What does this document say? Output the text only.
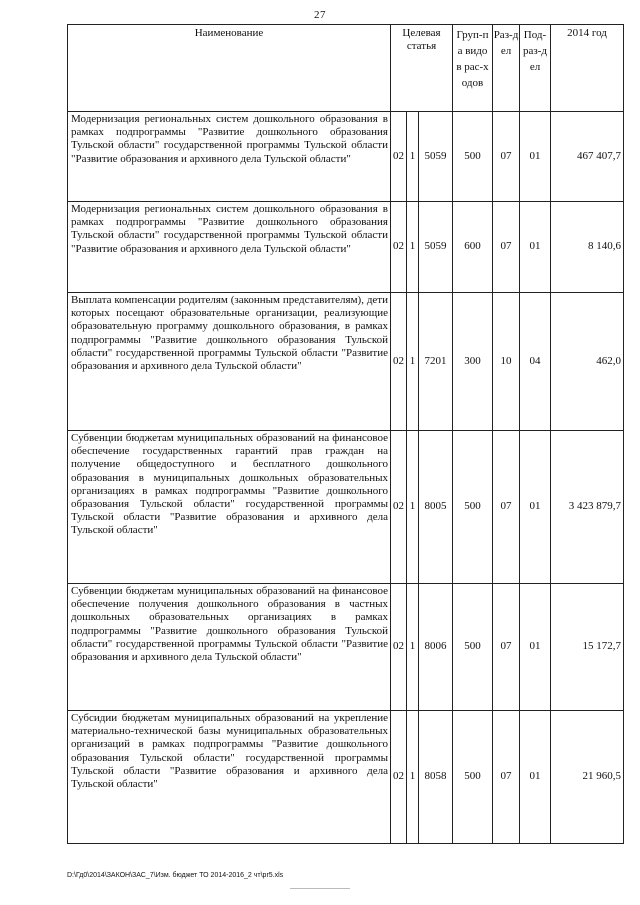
27
Наименование	Целевая статья			Груп-па видов рас-ходов	Раз-дел	Под-раз-дел	2014 год
Модернизация региональных систем дошкольного образования в рамках подпрограммы "Развитие дошкольного образования Тульской области" государственной программы Тульской области "Развитие образования и архивного дела Тульской области"	02	1	5059	500	07	01	467 407,7
Модернизация региональных систем дошкольного образования в рамках подпрограммы "Развитие дошкольного образования Тульской области" государственной программы Тульской области "Развитие образования и архивного дела Тульской области"	02	1	5059	600	07	01	8 140,6
Выплата компенсации родителям (законным представителям), дети которых посещают образовательные организации, реализующие образовательную программу дошкольного образования, в рамках подпрограммы "Развитие дошкольного образования Тульской области" государственной программы Тульской области "Развитие образования и архивного дела Тульской области"	02	1	7201	300	10	04	462,0
Субвенции бюджетам муниципальных образований на финансовое обеспечение государственных гарантий прав граждан на получение общедоступного и бесплатного дошкольного образования в муниципальных дошкольных образовательных организациях в рамках подпрограммы "Развитие дошкольного образования Тульской области" государственной программы Тульской области "Развитие образования и архивного дела Тульской области"	02	1	8005	500	07	01	3 423 879,7
Субвенции бюджетам муниципальных образований на финансовое обеспечение получения дошкольного образования в частных дошкольных образовательных организациях в рамках подпрограммы "Развитие дошкольного образования Тульской области" государственной программы Тульской области "Развитие образования и архивного дела Тульской области"	02	1	8006	500	07	01	15 172,7
Субсидии бюджетам муниципальных образований на укрепление материально-технической базы муниципальных образовательных организаций в рамках подпрограммы "Развитие дошкольного образования Тульской области" государственной программы Тульской области "Развитие образования и архивного дела Тульской области"	02	1	8058	500	07	01	21 960,5
D:\Гд0\2014\ЗАКОН\ЗАС_7\Изм. бюджет ТО 2014-2016_2 чт\pr5.xls
